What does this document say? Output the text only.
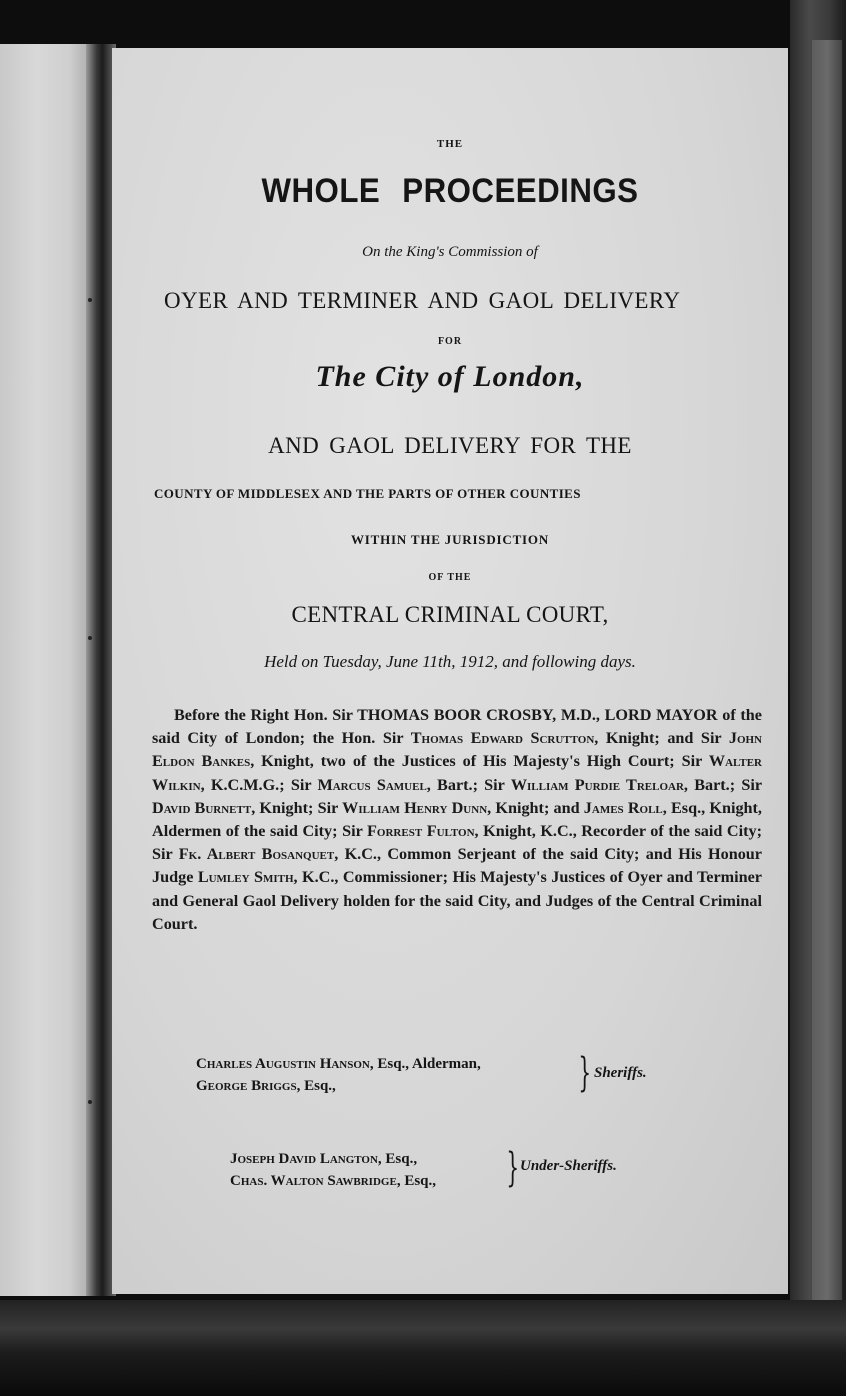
THE
WHOLE PROCEEDINGS
On the King's Commission of
OYER AND TERMINER AND GAOL DELIVERY
FOR
The City of London,
AND GAOL DELIVERY FOR THE
COUNTY OF MIDDLESEX AND THE PARTS OF OTHER COUNTIES
WITHIN THE JURISDICTION
OF THE
CENTRAL CRIMINAL COURT,
Held on Tuesday, June 11th, 1912, and following days.

Before the Right Hon. Sir THOMAS BOOR CROSBY, M.D., LORD MAYOR of the said City of London; the Hon. Sir Thomas Edward Scrutton, Knight; and Sir John Eldon Bankes, Knight, two of the Justices of His Majesty's High Court; Sir Walter Wilkin, K.C.M.G.; Sir Marcus Samuel, Bart.; Sir William Purdie Treloar, Bart.; Sir David Burnett, Knight; Sir William Henry Dunn, Knight; and James Roll, Esq., Knight, Aldermen of the said City; Sir Forrest Fulton, Knight, K.C., Recorder of the said City; Sir Fk. Albert Bosanquet, K.C., Common Serjeant of the said City; and His Honour Judge Lumley Smith, K.C., Commissioner; His Majesty's Justices of Oyer and Terminer and General Gaol Delivery holden for the said City, and Judges of the Central Criminal Court.

Charles Augustin Hanson, Esq., Alderman,
George Briggs, Esq.,	} Sheriffs.
Joseph David Langton, Esq.,
Chas. Walton Sawbridge, Esq., } Under-Sheriffs.
